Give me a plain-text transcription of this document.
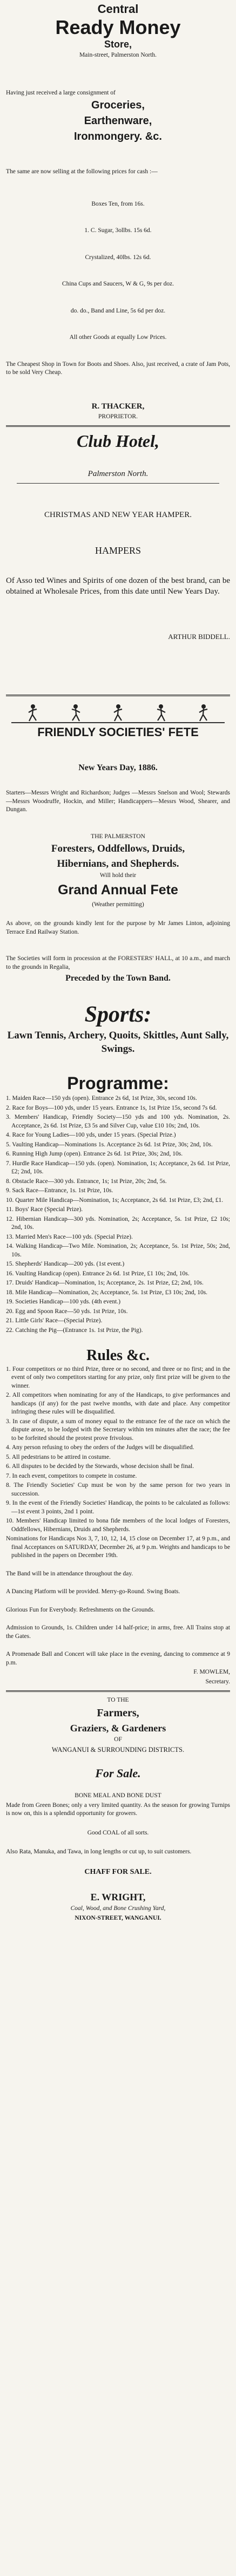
Central
Ready Money
Store,

Main-street, Palmerston North.

Having just received a large consignment of

Groceries,

Earthenware,

Ironmongery. &c.

The same are now selling at the following prices for cash :—

Boxes Ten, from 16s.

1. C. Sugar, 3ollbs. 15s 6d.

Crystalized, 40lbs. 12s 6d.

China Cups and Saucers, W & G, 9s per doz.

do. do., Band and Line, 5s 6d per doz.

All other Goods at equally Low Prices.

The Cheapest Shop in Town for Boots and Shoes. Also, just received, a crate of Jam Pots, to be sold Very Cheap.

R. THACKER,

PROPRIETOR.

Club Hotel,

Palmerston North.

CHRISTMAS AND NEW YEAR HAMPER.

HAMPERS

Of Asso ted Wines and Spirits of one dozen of the best brand, can be obtained at Wholesale Prices, from this date until New Years Day.

ARTHUR BIDDELL.

FRIENDLY SOCIETIES' FETE

New Years Day, 1886.

Starters—Messrs Wright and Richardson; Judges —Messrs Snelson and Wool; Stewards—Messrs Woodruffe, Hockin, and Miller; Handicappers—Messrs Wood, Shearer, and Dungan.

THE PALMERSTON

Foresters, Oddfellows, Druids,

Hibernians, and Shepherds.

Will hold their

Grand Annual Fete

(Weather permitting)

As above, on the grounds kindly lent for the purpose by Mr James Linton, adjoining Terrace End Railway Station.

The Societies will form in procession at the FORESTERS' HALL, at 10 a.m., and march to the grounds in Regalia,

Preceded by the Town Band.

Sports:

Lawn Tennis, Archery, Quoits, Skittles, Aunt Sally, Swings.

Programme:

1. Maiden Race—150 yds (open). Entrance 2s 6d, 1st Prize, 30s, second 10s.

2. Race for Boys—100 yds, under 15 years. Entrance 1s, 1st Prize 15s, second 7s 6d.

3. Members' Handicap, Friendly Society—150 yds and 100 yds. Nomination, 2s. Acceptance, 2s 6d. 1st Prize, £3 5s and Silver Cup, value £10 10s; 2nd, 10s.

4. Race for Young Ladies—100 yds, under 15 years. (Special Prize.)

5. Vaulting Handicap—Nominations 1s. Acceptance 2s 6d. 1st Prize, 30s; 2nd, 10s.

6. Running High Jump (open). Entrance 2s 6d. 1st Prize, 30s; 2nd, 10s.

7. Hurdle Race Handicap—150 yds. (open). Nomination, 1s; Acceptance, 2s 6d. 1st Prize, £2; 2nd, 10s.

8. Obstacle Race—300 yds. Entrance, 1s; 1st Prize, 20s; 2nd, 5s.

9. Sack Race—Entrance, 1s. 1st Prize, 10s.

10. Quarter Mile Handicap—Nomination, 1s; Acceptance, 2s 6d. 1st Prize, £3; 2nd, £1.

11. Boys' Race (Special Prize).

12. Hibernian Handicap—300 yds. Nomination, 2s; Acceptance, 5s. 1st Prize, £2 10s; 2nd, 10s.

13. Married Men's Race—100 yds. (Special Prize).

14. Walking Handicap—Two Mile. Nomination, 2s; Acceptance, 5s. 1st Prize, 50s; 2nd, 10s.

15. Shepherds' Handicap—200 yds. (1st event.)

16. Vaulting Handicap (open). Entrance 2s 6d. 1st Prize, £1 10s; 2nd, 10s.

17. Druids' Handicap—Nomination, 1s; Acceptance, 2s. 1st Prize, £2; 2nd, 10s.

18. Mile Handicap—Nomination, 2s; Acceptance, 5s. 1st Prize, £3 10s; 2nd, 10s.

19. Societies Handicap—100 yds. (4th event.)

20. Egg and Spoon Race—50 yds. 1st Prize, 10s.

21. Little Girls' Race—(Special Prize).

22. Catching the Pig—(Entrance 1s. 1st Prize, the Pig).

Rules &c.

1. Four competitors or no third Prize, three or no second, and three or no first; and in the event of only two competitors starting for any prize, only first prize will be given to the winner.

2. All competitors when nominating for any of the Handicaps, to give performances and handicaps (if any) for the past twelve months, with date and place. Any competitor infringing these rules will be disqualified.

3. In case of dispute, a sum of money equal to the entrance fee of the race on which the dispute arose, to be lodged with the Secretary within ten minutes after the race; the fee to be forfeited should the protest prove frivolous.

4. Any person refusing to obey the orders of the Judges will be disqualified.

5. All pedestrians to be attired in costume.

6. All disputes to be decided by the Stewards, whose decision shall be final.

7. In each event, competitors to compete in costume.

8. The Friendly Societies' Cup must be won by the same person for two years in succession.

9. In the event of the Friendly Societies' Handicap, the points to be calculated as follows:—1st event 3 points, 2nd 1 point.

10. Members' Handicap limited to bona fide members of the local lodges of Foresters, Oddfellows, Hibernians, Druids and Shepherds.

Nominations for Handicaps Nos 3, 7, 10, 12, 14, 15 close on December 17, at 9 p.m., and final Acceptances on SATURDAY, December 26, at 9 p.m. Weights and handicaps to be published in the papers on December 19th.

The Band will be in attendance throughout the day.

A Dancing Platform will be provided. Merry-go-Round. Swing Boats.

Glorious Fun for Everybody. Refreshments on the Grounds.

Admission to Grounds, 1s. Children under 14 half-price; in arms, free. All Trains stop at the Gates.

A Promenade Ball and Concert will take place in the evening, dancing to commence at 9 p.m.

F. MOWLEM,

Secretary.

TO THE

Farmers,

Graziers, & Gardeners

OF

WANGANUI & SURROUNDING DISTRICTS.

For Sale.

BONE MEAL AND BONE DUST

Made from Green Bones; only a very limited quantity. As the season for growing Turnips is now on, this is a splendid opportunity for growers.

Good COAL of all sorts.

Also Rata, Manuka, and Tawa, in long lengths or cut up, to suit customers.

CHAFF FOR SALE.

E. WRIGHT,

Coal, Wood, and Bone Crushing Yard,

NIXON-STREET, WANGANUI.
